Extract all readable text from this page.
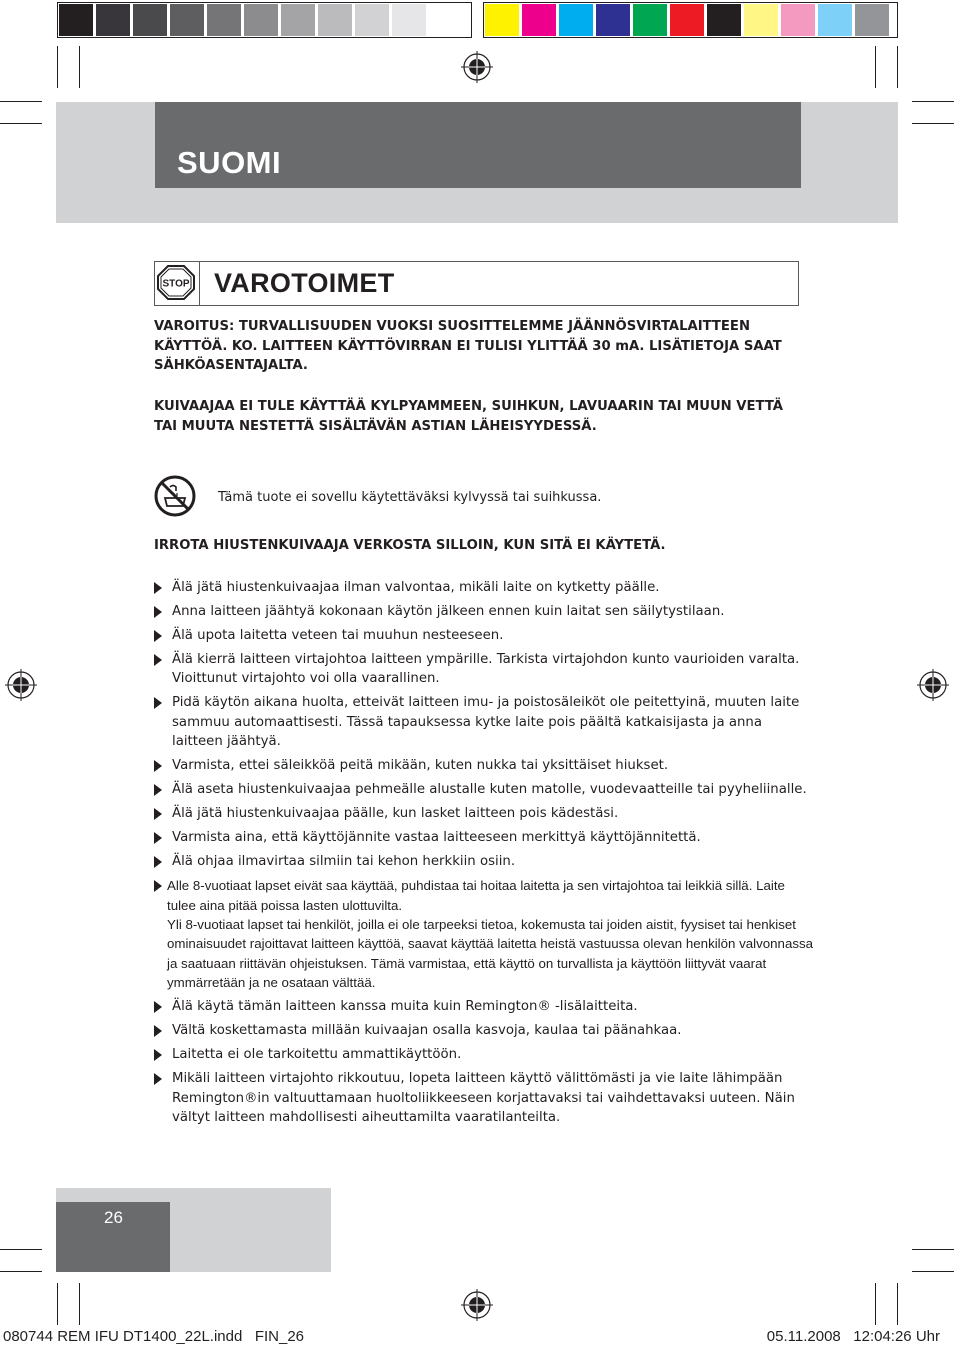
SUOMI
STOP VAROTOIMET
VAROITUS: TURVALLISUUDEN VUOKSI SUOSITTELEMME JÄÄNNÖSVIRTALAITTEEN KÄYTTÖÄ. KO. LAITTEEN KÄYTTÖVIRRAN EI TULISI YLITTÄÄ 30 mA. LISÄTIETOJA SAAT SÄHKÖASENTAJALTA.
KUIVAAJAA EI TULE KÄYTTÄÄ KYLPYAMMEEN, SUIHKUN, LAVUAARIN TAI MUUN VETTÄ TAI MUUTA NESTETTÄ SISÄLTÄVÄN ASTIAN LÄHEISYYDESSÄ.
Tämä tuote ei sovellu käytettäväksi kylvyssä tai suihkussa.
IRROTA HIUSTENKUIVAAJA VERKOSTA SILLOIN, KUN SITÄ EI KÄYTETÄ.
Älä jätä hiustenkuivaajaa ilman valvontaa, mikäli laite on kytketty päälle.
Anna laitteen jäähtyä kokonaan käytön jälkeen ennen kuin laitat sen säilytystilaan.
Älä upota laitetta veteen tai muuhun nesteeseen.
Älä kierrä laitteen virtajohtoa laitteen ympärille. Tarkista virtajohdon kunto vaurioiden varalta. Vioittunut virtajohto voi olla vaarallinen.
Pidä käytön aikana huolta, etteivät laitteen imu- ja poistosäleiköt ole peitettyinä, muuten laite sammuu automaattisesti. Tässä tapauksessa kytke laite pois päältä katkaisijasta ja anna laitteen jäähtyä.
Varmista, ettei säleikköä peitä mikään, kuten nukka tai yksittäiset hiukset.
Älä aseta hiustenkuivaajaa pehmeälle alustalle kuten matolle, vuodevaatteille tai pyyheliinalle.
Älä jätä hiustenkuivaajaa päälle, kun lasket laitteen pois kädestäsi.
Varmista aina, että käyttöjännite vastaa laitteeseen merkittyä käyttöjännitettä.
Älä ohjaa ilmavirtaa silmiin tai kehon herkkiin osiin.
Alle 8-vuotiaat lapset eivät saa käyttää, puhdistaa tai hoitaa laitetta ja sen virtajohtoa tai leikkiä sillä. Laite tulee aina pitää poissa lasten ulottuvilta.
Yli 8-vuotiaat lapset tai henkilöt, joilla ei ole tarpeeksi tietoa, kokemusta tai joiden aistit, fyysiset tai henkiset ominaisuudet rajoittavat laitteen käyttöä, saavat käyttää laitetta heistä vastuussa olevan henkilön valvonnassa ja saatuaan riittävän ohjeistuksen. Tämä varmistaa, että käyttö on turvallista ja käyttöön liittyvät vaarat ymmärretään ja ne osataan välttää.
Älä käytä tämän laitteen kanssa muita kuin Remington® -lisälaitteita.
Vältä koskettamasta millään kuivaajan osalla kasvoja, kaulaa tai päänahkaa.
Laitetta ei ole tarkoitettu ammattikäyttöön.
Mikäli laitteen virtajohto rikkoutuu, lopeta laitteen käyttö välittömästi ja vie laite lähimpään Remington®in valtuuttamaan huoltoliikkeeseen korjattavaksi tai vaihdettavaksi uuteen. Näin vältyt laitteen mahdollisesti aiheuttamilta vaaratilanteilta.
26
080744 REM IFU DT1400_22L.indd   FIN_26	05.11.2008   12:04:26 Uhr
